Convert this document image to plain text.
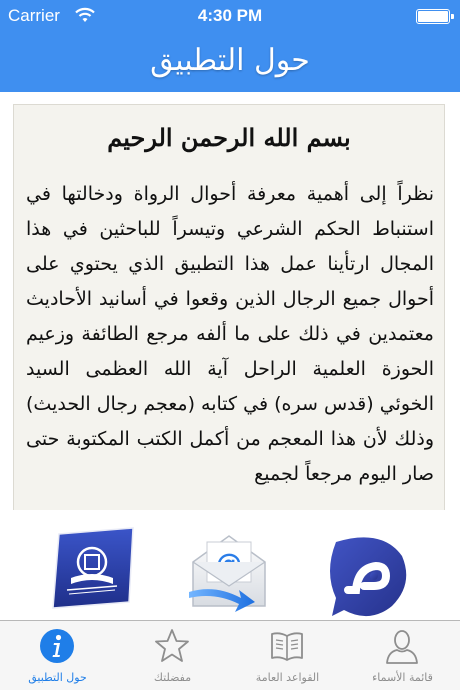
Carrier	4:30 PM
حول التطبيق
بسم الله الرحمن الرحيم
نظراً إلى أهمية معرفة أحوال الرواة ودخالتها في استنباط الحكم الشرعي وتيسراً للباحثين في هذا المجال ارتأينا عمل هذا التطبيق الذي يحتوي على أحوال جميع الرجال الذين وقعوا في أسانيد الأحاديث معتمدين في ذلك على ما ألفه مرجع الطائفة وزعيم الحوزة العلمية الراحل آية الله العظمى السيد الخوئي (قدس سره) في كتابه (معجم رجال الحديث) وذلك لأن هذا المعجم من أكمل الكتب المكتوبة حتى صار اليوم مرجعاً لجميع
حول التطبيق	مفضلتك	القواعد العامة	قائمة الأسماء
